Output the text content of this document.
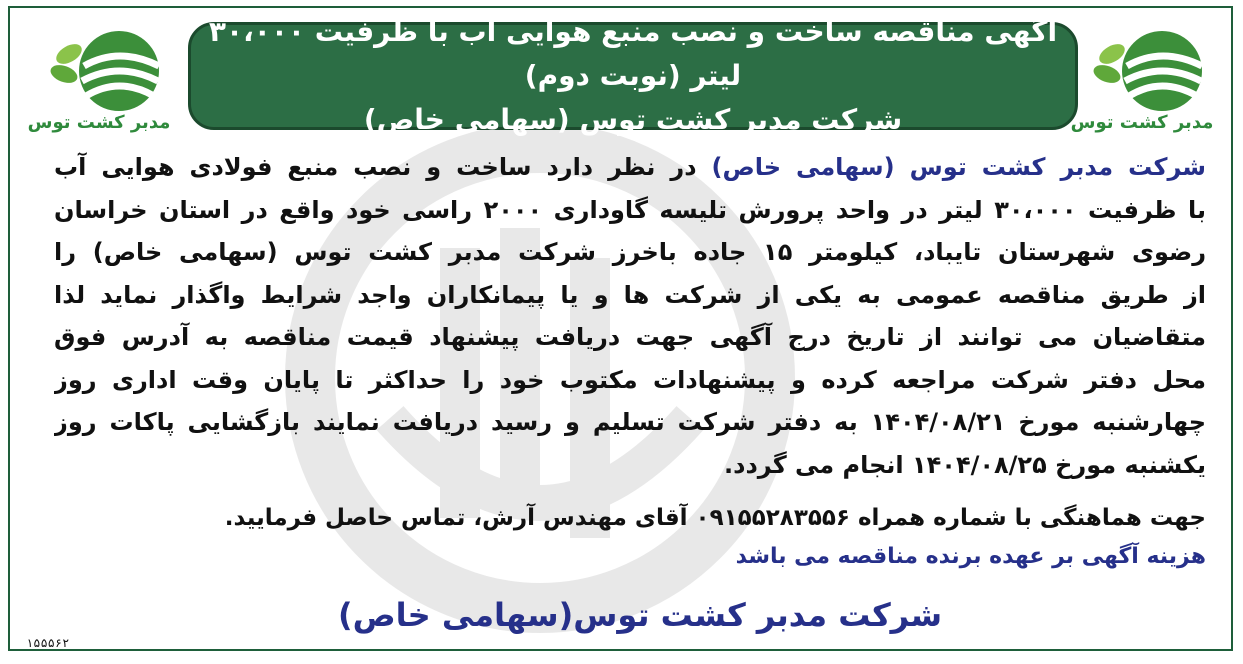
آگهی مناقصه ساخت و نصب منبع هوایی آب با ظرفیت ۳۰،۰۰۰ لیتر (نوبت دوم)
شرکت مدبر کشت توس (سهامی خاص)	مدبر کشت توس
مدبر کشت توس
شرکت مدبر کشت توس (سهامی خاص) در نظر دارد ساخت و نصب منبع فولادی هوایی آب
با ظرفیت ۳۰،۰۰۰ لیتر در واحد پرورش تلیسه گاوداری ۲۰۰۰ راسی خود واقع در استان خراسان
رضوی شهرستان تایباد، کیلومتر ۱۵ جاده باخرز شرکت مدبر کشت توس (سهامی خاص) را
از طریق مناقصه عمومی به یکی از شرکت ها و یا پیمانکاران واجد شرایط واگذار نماید لذا
متقاضیان می توانند از تاریخ درج آگهی جهت دریافت پیشنهاد قیمت مناقصه به آدرس فوق
محل دفتر شرکت مراجعه کرده و پیشنهادات مکتوب خود را حداکثر تا پایان وقت اداری روز
چهارشنبه مورخ ۱۴۰۴/۰۸/۲۱ به دفتر شرکت تسلیم و رسید دریافت نمایند بازگشایی پاکات روز
یکشنبه مورخ ۱۴۰۴/۰۸/۲۵ انجام می گردد.
جهت هماهنگی با شماره همراه ۰۹۱۵۵۲۸۳۵۵۶ آقای مهندس آرش، تماس حاصل فرمایید.
هزینه آگهی بر عهده برنده مناقصه می باشد
شرکت مدبر کشت توس(سهامی خاص)
۱۵۵۵۶۲
